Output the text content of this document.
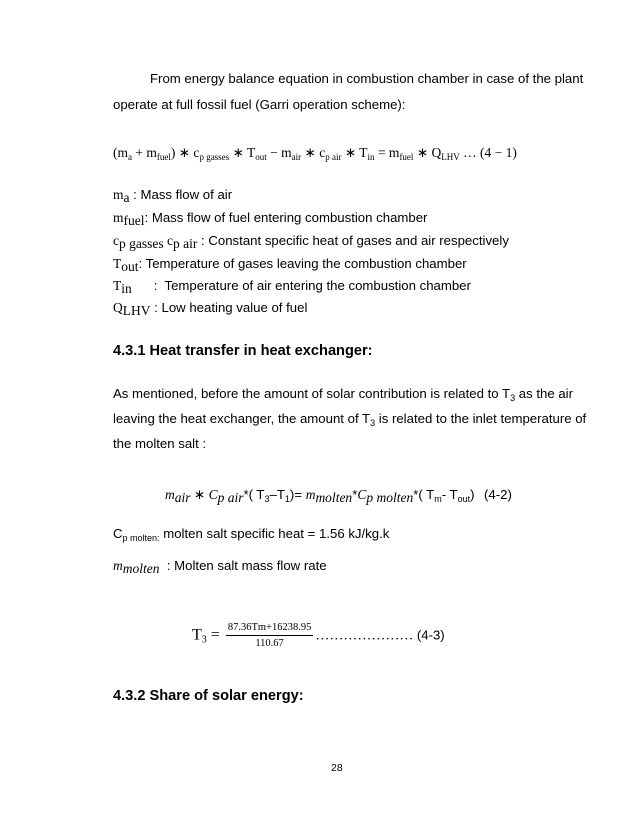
From energy balance equation in combustion chamber in case of the plant
operate at full fossil fuel (Garri operation scheme):
$(m_a + m_{fuel})$ ∗ $c_{p gasses}$ ∗ $T_{out} - m_{air}$ ∗ $c_{p air}$ ∗ $T_{in} = m_{fuel}$ ∗ $Q_{LHV}$ … (4 − 1)
$m_a$ : Mass flow of air
$m_{fuel}$: Mass flow of fuel entering combustion chamber
$c_{p gasses}$ $c_{p air}$ : Constant specific heat of gases and air respectively
$T_{out}$: Temperature of gases leaving the combustion chamber
$T_{in}$      :  Temperature of air entering the combustion chamber
$Q_{LHV}$ : Low heating value of fuel
4.3.1 Heat transfer in heat exchanger:
As mentioned, before the amount of solar contribution is related to $T_3$ as the air
leaving the heat exchanger, the amount of $T_3$ is related to the inlet temperature of
the molten salt :
$m_{air}$ ∗ $C_{p air}*$( $T_3-T_1)= m_{molten}*C_{p molten}*$( $T_m-$ $T_{out}$) (4-2)
$C_{p molten:}$ molten salt specific heat = 1.56 kJ/kg.k
$m_{molten}$  : Molten salt mass flow rate
$T_3 = \frac{87.36Tm+16238.95}{110.67}$ ………………… (4-3)
4.3.2 Share of solar energy:
28
